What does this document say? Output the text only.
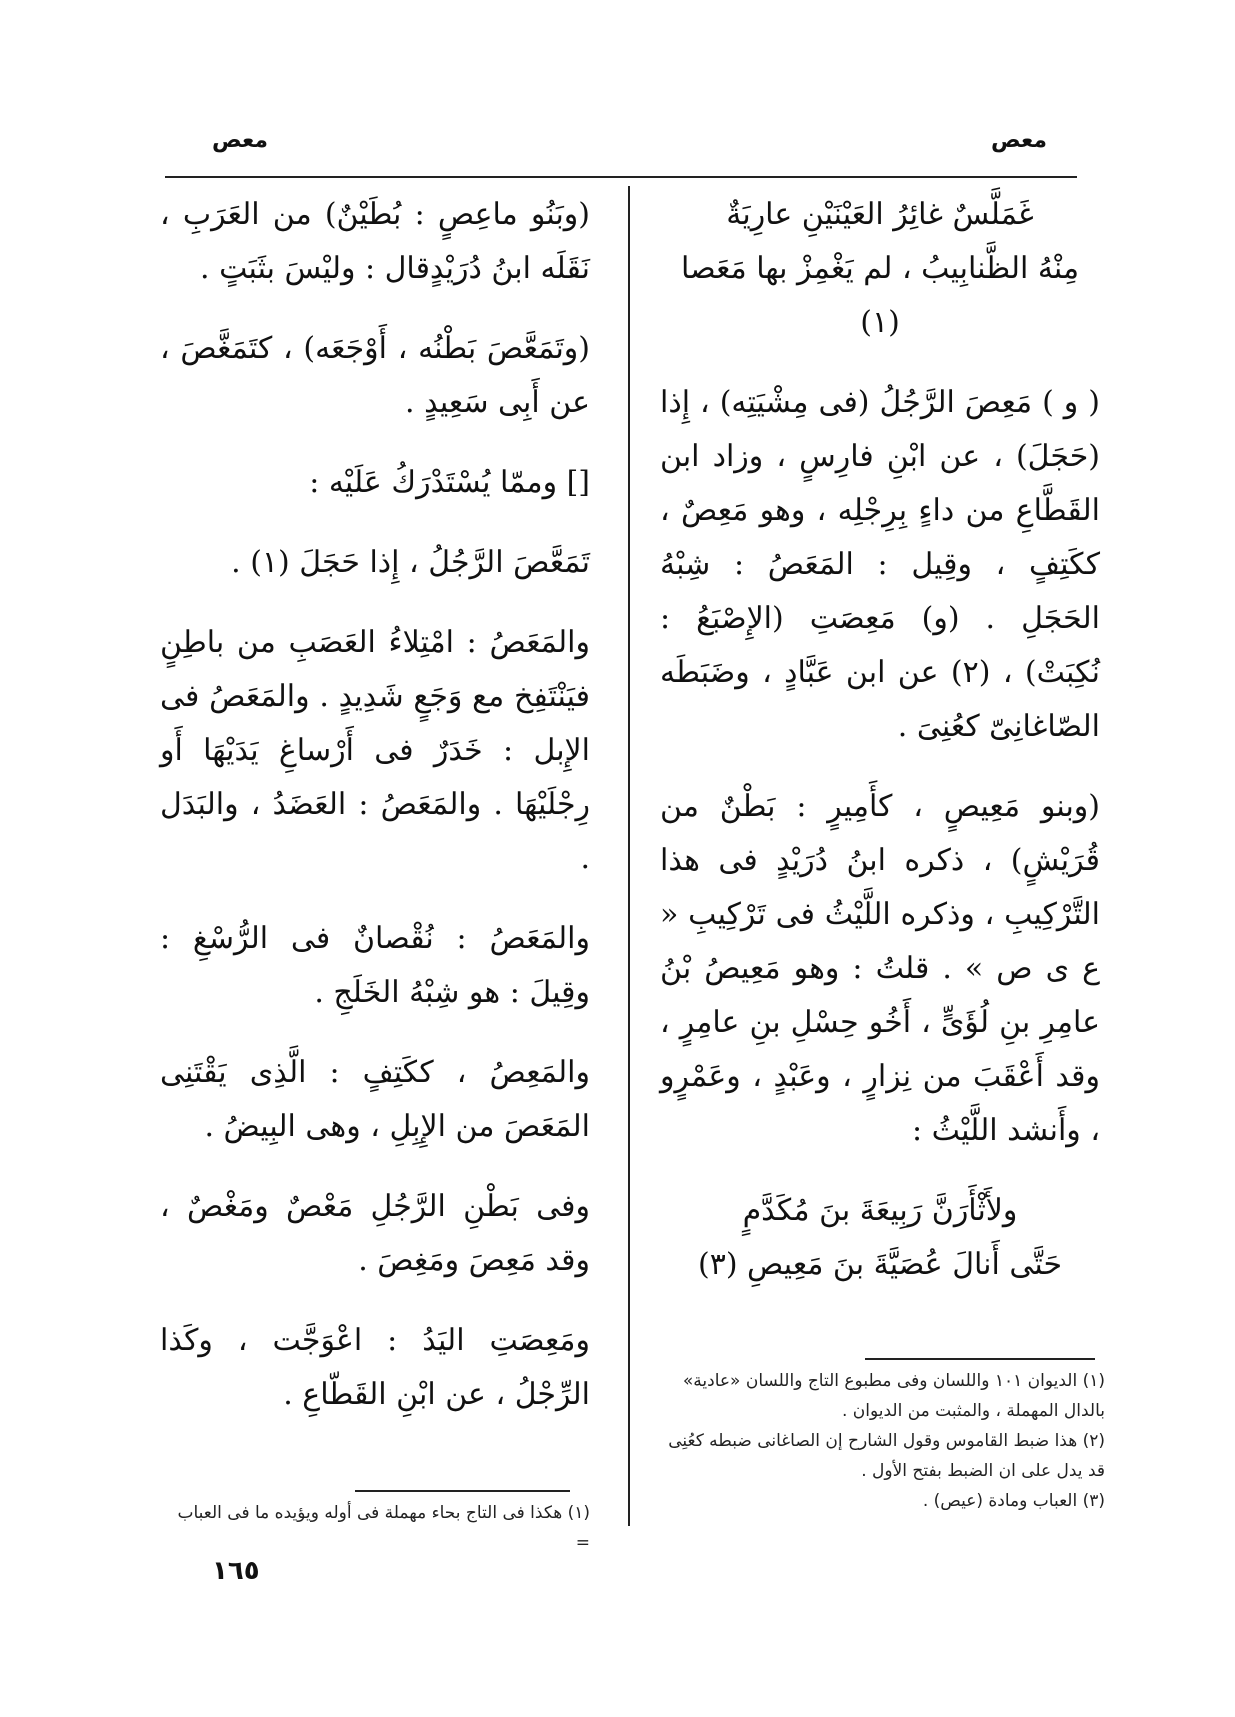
معص
معص
غَمَلَّسٌ غائِرُ العَيْنَيْنِ عارِيَةٌ
مِنْهُ الظَّنابِيبُ ، لم يَغْمِزْ بها مَعَصا (١)

( و ) مَعِصَ الرَّجُلُ (فى مِشْيَتِه) ، إِذا (حَجَلَ) ، عن ابْنِ فارِسٍ ، وزاد ابن القَطَّاعِ من داءٍ بِرِجْلِه ، وهو مَعِصٌ ، ككَتِفٍ ، وقِيل : المَعَصُ : شِبْهُ الحَجَلِ . (و) مَعِصَتِ (الإِصْبَعُ : نُكِبَتْ) ، (٢) عن ابن عَبَّادٍ ، وضَبَطَه الصّاغانِىّ كعُنِىَ .

(وبنو مَعِيصٍ ، كأَمِيرٍ : بَطْنٌ من قُرَيْشٍ) ، ذكره ابنُ دُرَيْدٍ فى هذا التَّرْكِيبِ ، وذكره اللَّيْثُ فى تَرْكِيبِ « ع ى ص » . قلتُ : وهو مَعِيصُ بْنُ عامِرِ بنِ لُؤَىٍّ ، أَخُو حِسْلِ بنِ عامِرٍ ، وقد أَعْقَبَ من نِزارٍ ، وعَبْدٍ ، وعَمْرٍو ، وأَنشد اللَّيْثُ :

ولأَثْأَرَنَّ رَبِيعَةَ بنَ مُكَدَّمٍ
حَتَّى أَنالَ عُصَيَّةَ بنَ مَعِيصِ (٣)

(وبَنُو ماعِصٍ : بُطَيْنٌ) من العَرَبِ ، نَقَلَه ابنُ دُرَيْدٍقال : وليْسَ بثَبَتٍ .

(وتَمَعَّصَ بَطْنُه ، أَوْجَعَه) ، كتَمَغَّصَ ، عن أَبِى سَعِيدٍ .

[] وممّا يُسْتَدْرَكُ عَلَيْه :

تَمَعَّصَ الرَّجُلُ ، إِذا حَجَلَ (١) .

والمَعَصُ : امْتِلاءُ العَصَبِ من باطِنٍ فيَنْتَفِخ مع وَجَعٍ شَدِيدٍ . والمَعَصُ فى الإِبل : خَدَرٌ فى أَرْساغِ يَدَيْهَا أَو رِجْلَيْهَا . والمَعَصُ : العَضَدُ ، والبَدَل .

والمَعَصُ : نُقْصانٌ فى الرُّسْغِ : وقِيلَ : هو شِبْهُ الخَلَجِ .

والمَعِصُ ، ككَتِفٍ : الَّذِى يَقْتَنِى المَعَصَ من الإِبِلِ ، وهى البِيضُ .

وفى بَطْنِ الرَّجُلِ مَعْصٌ ومَغْصٌ ، وقد مَعِصَ ومَغِصَ .

ومَعِصَتِ اليَدُ : اعْوَجَّت ، وكَذا الرِّجْلُ ، عن ابْنِ القَطّاعِ .	(١) الديوان ١٠١ واللسان وفى مطبوع التاج واللسان «عادية» بالدال المهملة ، والمثبت من الديوان .
(٢) هذا ضبط القاموس وقول الشارح إن الصاغانى ضبطه كعُنِى قد يدل على ان الضبط بفتح الأول .
(٣) العباب ومادة (عيص) .
(١) هكذا فى التاج بحاء مهملة فى أوله ويؤيده ما فى العباب =
١٦٥
